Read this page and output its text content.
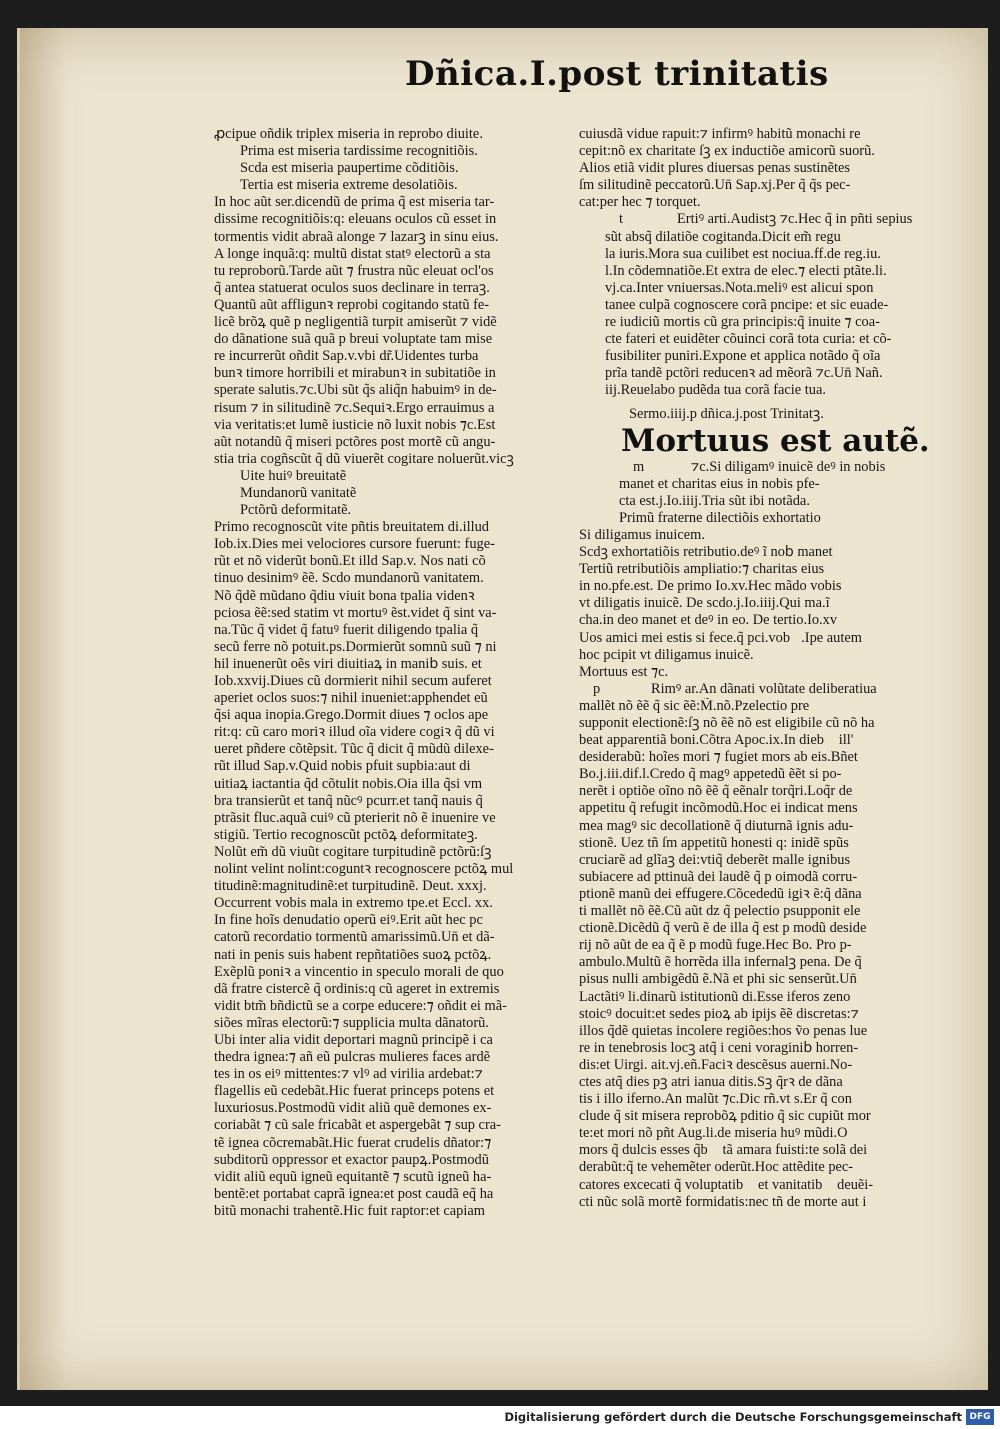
Dñica.I.post trinitatis
ꝓcipue oñdik triplex miseria in reprobo diuite.
Prima est miseria tardissime recognitiõis.
Scda est miseria paupertime cõditiõis.
Tertia est miseria extreme desolatiõis.
In hoc aũt ser.dicendũ de prima q̃ est miseria tar-
dissime recognitiõis:q: eleuans oculos cũ esset in
tormentis vidit abraã alonge ⁊ lazarꝫ in sinu eius.
A longe inquã:q: multũ distat statꝰ electorũ a sta
tu reproborũ.Tarde aũt ⁊ frustra nũc eleuat ocl'os
q̃ antea statuerat oculos suos declinare in terraꝫ.
Quantũ aũt affligunꝛ reprobi cogitando statũ fe-
licẽ brõꝝ quẽ p negligentiã turpit amiserũt ⁊ vidẽ
do dãnatione suã quã p breui voluptate tam mise
re incurrerũt oñdit Sap.v.vbi dr̃.Uidentes turba
bunꝛ timore horribili et mirabunꝛ in subitatiõe in
sperate salutis.⁊c.Ubi sũt q̃s aliq̃n habuimꝰ in de-
risum ⁊ in silitudinẽ ⁊c.Sequiꝛ.Ergo errauimus a
via veritatis:et lumẽ iusticie nõ luxit nobis ⁊c.Est
aũt notandũ q̃ miseri pctõres post mortẽ cũ angu-
stia tria cogñscũt q̃ dũ viuerẽt cogitare noluerũt.vicꝫ
Uite huiꝰ breuitatẽ
Mundanorũ vanitatẽ
Pctõrũ deformitatẽ.
Primo recognoscũt vite pñtis breuitatem di.illud
Iob.ix.Dies mei velociores cursore fuerunt: fuge-
rũt et nõ viderũt bonũ.Et illd Sap.v. Nos nati cõ
tinuo desinimꝰ ẽẽ. Scdo mundanorũ vanitatem.
Nõ q̃dẽ mũdano q̃diu viuit bona tpalia videnꝛ
pciosa ẽẽ:sed statim vt mortuꝰ ẽst.videt q̃ sint va-
na.Tũc q̃ videt q̃ fatuꝰ fuerit diligendo tpalia q̃
secũ ferre nõ potuit.ps.Dormierũt somnũ suũ ⁊ ni
hil inuenerũt oẽs viri diuitiaꝝ in manib᷒ suis. et
Iob.xxvij.Diues cũ dormierit nihil secum auferet
aperiet oclos suos:⁊ nihil inueniet:apphendet eũ
q̃si aqua inopia.Grego.Dormit diues ⁊ oclos ape
rit:q: cũ caro moriꝛ illud oĩa videre cogiꝛ q̃ dũ vi
ueret pñdere cõtẽpsit. Tũc q̃ dicit q̃ mũdũ dilexe-
rũt illud Sap.v.Quid nobis pfuit supbia:aut di
uitiaꝝ iactantia q̃d cõtulit nobis.Oia illa q̃si vm
bra transierũt et tanq̃ nũcꝰ pcurr.et tanq̃ nauis q̃
ptrãsit fluc.aquã cuiꝰ cũ pterierit nõ ẽ inuenire ve
stigiũ. Tertio recognoscũt pctõꝝ deformitateꝫ.
Nolũt em̃ dũ viuũt cogitare turpitudinẽ pctõrũ:ſꝫ
nolint velint nolint:coguntꝛ recognoscere pctõꝝ mul
titudinẽ:magnitudinẽ:et turpitudinẽ. Deut. xxxj.
Occurrent vobis mala in extremo tpe.et Eccl. xx.
In fine hoĩs denudatio operũ eiꝰ.Erit aũt hec pc
catorũ recordatio tormentũ amarissimũ.Un̄ et dã-
nati in penis suis habent repñtatiões suoꝝ pctõꝝ.
Exẽplũ poniꝛ a vincentio in speculo morali de quo
dã fratre cistercẽ q̃ ordinis:q cũ ageret in extremis
vidit btm̃ bñdictũ se a corpe educere:⁊ oñdit ei mã-
siões mĩras electorũ:⁊ supplicia multa dãnatorũ.
Ubi inter alia vidit deportari magnũ principẽ i ca
thedra ignea:⁊ añ eũ pulcras mulieres faces ardẽ
tes in os eiꝰ mittentes:⁊ vlꝰ ad virilia ardebat:⁊
flagellis eũ cedebãt.Hic fuerat princeps potens et
luxuriosus.Postmodũ vidit aliũ quẽ demones ex-
coriabãt ⁊ cũ sale fricabãt et aspergebãt ⁊ sup cra-
tẽ ignea cõcremabãt.Hic fuerat crudelis dñator:⁊
subditorũ oppressor et exactor paupꝝ.Postmodũ
vidit aliũ equũ igneũ equitantẽ ⁊ scutũ igneũ ha-
bentẽ:et portabat caprã ignea:et post caudã eq̃ ha
bitũ monachi trahentẽ.Hic fuit raptor:et capiam
cuiusdã vidue rapuit:⁊ infirmꝰ habitũ monachi re
cepit:nõ ex charitate ſꝫ ex inductiõe amicorũ suorũ.
Alios etiã vidit plures diuersas penas sustinẽtes
ſm silitudinẽ peccatorũ.Un̄ Sap.xj.Per q̃ q̃s pec-
cat:per hec ⁊ torquet.
t	Ertiꝰ arti.Audistꝫ ⁊c.Hec q̃ in pñti sepius
sũt absq̃ dilatiõe cogitanda.Dicit em̃ regu
la iuris.Mora sua cuilibet est nociua.ff.de reg.iu.
l.In cõdemnatiõe.Et extra de elec.⁊ electi ptãte.li.
vj.ca.Inter vniuersas.Nota.meliꝰ est alicui spon
tanee culpã cognoscere corã pncipe: et sic euade-
re iudiciũ mortis cũ gra principis:q̃ inuite ⁊ coa-
cte fateri et euidẽter cõuinci corã tota curia: et cõ-
fusibiliter puniri.Expone et applica notãdo q̃ oĩa
prĩa tandẽ pctõri reducenꝛ ad mẽorã ⁊c.Un̄ Nañ.
iij.Reuelabo pudẽda tua corã facie tua.
Sermo.iiij.p dñica.j.post Trinitatꝫ.
Mortuus est autẽ.
m	⁊c.Si diligamꝰ inuicẽ deꝰ in nobis
manet et charitas eius in nobis pfe-
cta est.j.Io.iiij.Tria sũt ibi notãda.
Primũ fraterne dilectiõis exhortatio
Si diligamus inuicem.
Scdꝫ exhortatiõis retributio.deꝰ ĩ nob᷒ manet
Tertiũ retributiõis ampliatio:⁊ charitas eius
in no.pfe.est. De primo Io.xv.Hec mãdo vobis
vt diligatis inuicẽ. De scdo.j.Io.iiij.Qui ma.ĩ
cha.in deo manet et deꝰ in eo. De tertio.Io.xv
Uos amici mei estis si fece.q̃ pci.vob᷒.Ipe autem
hoc pcipit vt diligamus inuicẽ.
Mortuus est ⁊c.
p	Rimꝰ ar.An dãnati volũtate deliberatiua
mallẽt nõ ẽẽ q̃ sic ẽẽ:M̃.nõ.Pzelectio pre
supponit electionẽ:ſꝫ nõ ẽẽ nõ est eligibile cũ nõ ha
beat apparentiã boni.Cõtra Apoc.ix.In dieb᷒ ill'
desiderabũ: hoĩes mori ⁊ fugiet mors ab eis.Bñet
Bo.j.iii.dif.l.Credo q̃ magꝰ appetedũ ẽẽt si po-
nerẽt i optiõe oĩno nõ ẽẽ q̃ eẽnalr torq̃ri.Loq̃r de
appetitu q̃ refugit incõmodũ.Hoc ei indicat mens
mea magꝰ sic decollationẽ q̃ diuturnã ignis adu-
stionẽ. Uez tñ ſm appetitũ honesti q: inidẽ spũs
cruciarẽ ad glĩaꝫ dei:vtiq̃ deberẽt malle ignibus
subiacere ad pttinuã dei laudẽ q̃ p oimodã corru-
ptionẽ manũ dei effugere.Cõcededũ igiꝛ ẽ:q̃ dãna
ti mallẽt nõ ẽẽ.Cũ aũt dz q̃ pelectio psupponit ele
ctionẽ.Dicẽdũ q̃ verũ ẽ de illa q̃ est p modũ deside
rij nõ aũt de ea q̃ ẽ p modũ fuge.Hec Bo. Pro p-
ambulo.Multũ ẽ horrẽda illa infernalꝫ pena. De q̃
pisus nulli ambigẽdũ ẽ.Nã et phi sic senserũt.Un̄
Lactãtiꝰ li.dinarũ istitutionũ di.Esse iferos zeno
stoicꝰ docuit:et sedes pioꝝ ab ipijs ẽẽ discretas:⁊
illos q̃dẽ quietas incolere regiões:hos ṽo penas lue
re in tenebrosis locꝫ atq̃ i ceni voraginib᷒ horren-
dis:et Uirgi. ait.vj.eñ.Faciꝛ descẽsus auerni.No-
ctes atq̃ dies pꝫ atri ianua ditis.Sꝫ q̃rꝛ de dãna
tis i illo iferno.An malũt ⁊c.Dic rñ.vt s.Er q̃ con
clude q̃ sit misera reprobõꝝ pditio q̃ sic cupiũt mor
te:et mori nõ pñt Aug.li.de miseria huꝰ mũdi.O
mors q̃ dulcis esses q̃b᷒ tã amara fuisti:te solã dei
derabũt:q̃ te vehemẽter oderũt.Hoc attẽdite pec-
catores excecati q̃ voluptatib᷒ et vanitatib᷒ deuẽi-
cti nũc solã mortẽ formidatis:nec tñ de morte aut i
Digitalisierung gefördert durch die Deutsche Forschungsgemeinschaft DFG
